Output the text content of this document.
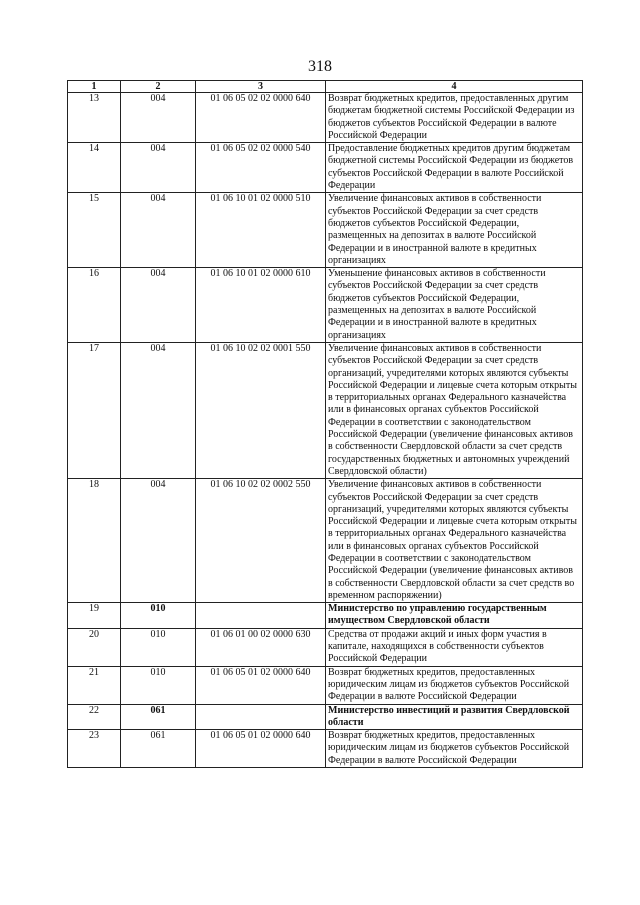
318
1	2	3	4
13	004	01 06 05 02 02 0000 640	Возврат бюджетных кредитов, предоставленных другим бюджетам бюджетной системы Российской Федерации из бюджетов субъектов Российской Федерации в валюте Российской Федерации
14	004	01 06 05 02 02 0000 540	Предоставление бюджетных кредитов другим бюджетам бюджетной системы Российской Федерации из бюджетов субъектов Российской Федерации в валюте Российской Федерации
15	004	01 06 10 01 02 0000 510	Увеличение финансовых активов в собственности субъектов Российской Федерации за счет средств бюджетов субъектов Российской Федерации, размещенных на депозитах в валюте Российской Федерации и в иностранной валюте в кредитных организациях
16	004	01 06 10 01 02 0000 610	Уменьшение финансовых активов в собственности субъектов Российской Федерации за счет средств бюджетов субъектов Российской Федерации, размещенных на депозитах в валюте Российской Федерации и в иностранной валюте в кредитных организациях
17	004	01 06 10 02 02 0001 550	Увеличение финансовых активов в собственности субъектов Российской Федерации за счет средств организаций, учредителями которых являются субъекты Российской Федерации и лицевые счета которым открыты в территориальных органах Федерального казначейства или в финансовых органах субъектов Российской Федерации в соответствии с законодательством Российской Федерации (увеличение финансовых активов в собственности Свердловской области за счет средств государственных бюджетных и автономных учреждений Свердловской области)
18	004	01 06 10 02 02 0002 550	Увеличение финансовых активов в собственности субъектов Российской Федерации за счет средств организаций, учредителями которых являются субъекты Российской Федерации и лицевые счета которым открыты в территориальных органах Федерального казначейства или в финансовых органах субъектов Российской Федерации в соответствии с законодательством Российской Федерации (увеличение финансовых активов в собственности Свердловской области за счет средств во временном распоряжении)
19	010		Министерство по управлению государственным имуществом Свердловской области
20	010	01 06 01 00 02 0000 630	Средства от продажи акций и иных форм участия в капитале, находящихся в собственности субъектов Российской Федерации
21	010	01 06 05 01 02 0000 640	Возврат бюджетных кредитов, предоставленных юридическим лицам из бюджетов субъектов Российской Федерации в валюте Российской Федерации
22	061		Министерство инвестиций и развития Свердловской области
23	061	01 06 05 01 02 0000 640	Возврат бюджетных кредитов, предоставленных юридическим лицам из бюджетов субъектов Российской Федерации в валюте Российской Федерации
